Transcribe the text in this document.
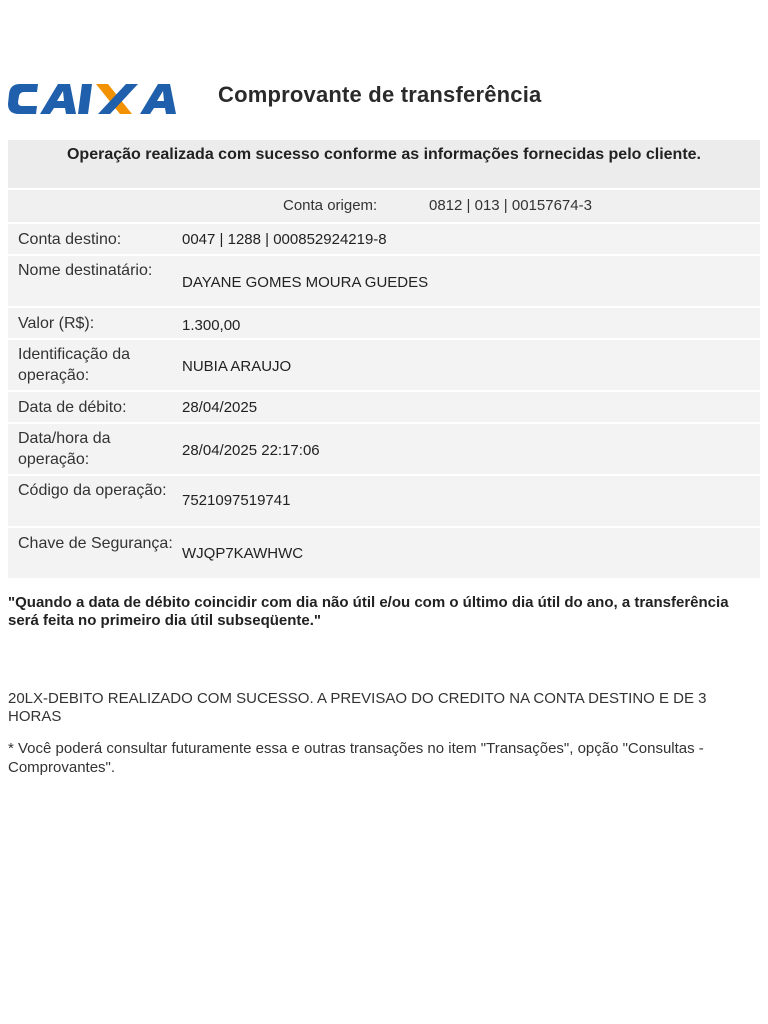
Comprovante de transferência
Operação realizada com sucesso conforme as informações fornecidas pelo cliente.
Conta origem:	0812 | 013 | 00157674-3
Conta destino:	0047 | 1288 | 000852924219-8
Nome destinatário:
DAYANE GOMES MOURA GUEDES
Valor (R$):	1.300,00
Identificação da operação:
NUBIA ARAUJO
Data de débito:	28/04/2025
Data/hora da operação:
28/04/2025 22:17:06
Código da operação:
7521097519741
Chave de Segurança:
WJQP7KAWHWC
"Quando a data de débito coincidir com dia não útil e/ou com o último dia útil do ano, a transferência será feita no primeiro dia útil subseqüente."
20LX-DEBITO REALIZADO COM SUCESSO. A PREVISAO DO CREDITO NA CONTA DESTINO E DE 3 HORAS
* Você poderá consultar futuramente essa e outras transações no item "Transações", opção "Consultas - Comprovantes".
